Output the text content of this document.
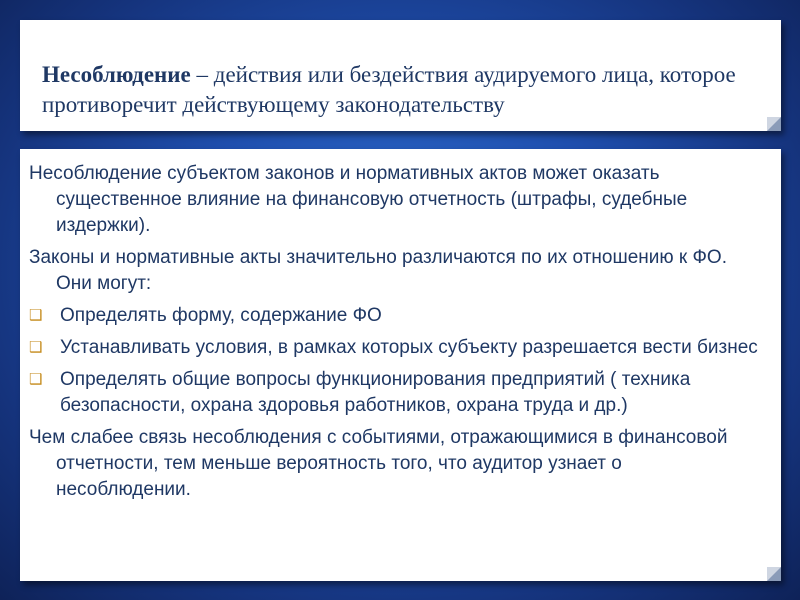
Несоблюдение – действия или бездействия аудируемого лица, которое противоречит действующему законодательству

Несоблюдение субъектом законов и нормативных актов может оказать существенное влияние на финансовую отчетность (штрафы, судебные издержки).

Законы и нормативные акты значительно различаются по их отношению к ФО. Они могут:

❑ Определять форму, содержание ФО
❑ Устанавливать условия, в рамках которых субъекту разрешается вести бизнес
❑ Определять общие вопросы функционирования предприятий ( техника безопасности, охрана здоровья работников, охрана труда и др.)

Чем слабее связь несоблюдения с событиями, отражающимися в финансовой отчетности, тем меньше вероятность того, что аудитор узнает о несоблюдении.
